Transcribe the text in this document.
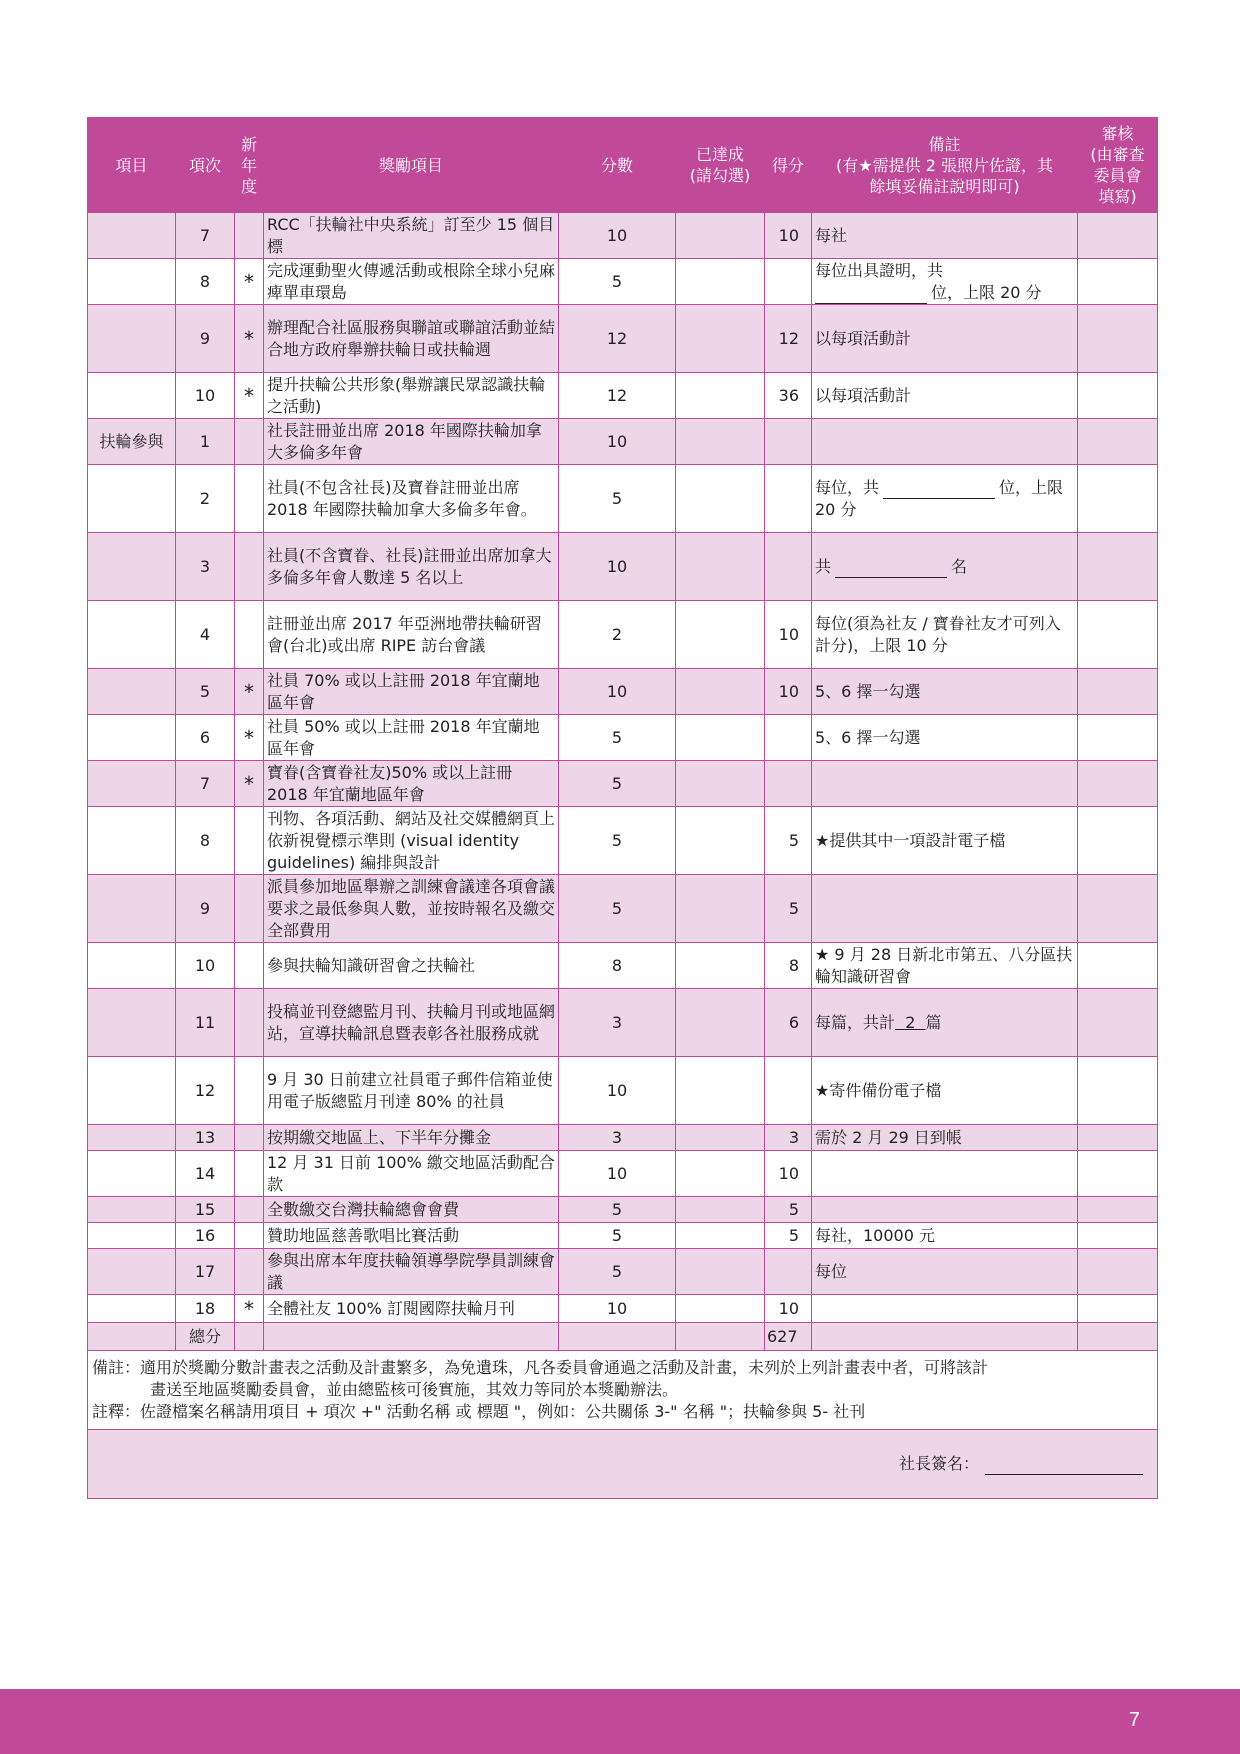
項目	項次	新
年
度	獎勵項目	分數	已達成
(請勾選)	得分	備註
(有★需提供 2 張照片佐證，其
餘填妥備註說明即可)	審核
(由審查
委員會
填寫)
	7		RCC「扶輪社中央系統」訂至少 15 個目標	10		10	每社	
	8	*	完成運動聖火傳遞活動或根除全球小兒麻痺單車環島	5			每位出具證明，共
位，上限 20 分	
	9	*	辦理配合社區服務與聯誼或聯誼活動並結合地方政府舉辦扶輪日或扶輪週	12		12	以每項活動計	
	10	*	提升扶輪公共形象(舉辦讓民眾認識扶輪之活動)	12		36	以每項活動計	
扶輪參與	1		社長註冊並出席 2018 年國際扶輪加拿大多倫多年會	10				
	2		社員(不包含社長)及寶眷註冊並出席 2018 年國際扶輪加拿大多倫多年會。	5			每位，共 位，上限 20 分	
	3		社員(不含寶眷、社長)註冊並出席加拿大多倫多年會人數達 5 名以上	10			共 名	
	4		註冊並出席 2017 年亞洲地帶扶輪研習會(台北)或出席 RIPE 訪台會議	2		10	每位(須為社友 / 寶眷社友才可列入計分)，上限 10 分	
	5	*	社員 70% 或以上註冊 2018 年宜蘭地區年會	10		10	5、6 擇一勾選	
	6	*	社員 50% 或以上註冊 2018 年宜蘭地區年會	5			5、6 擇一勾選	
	7	*	寶眷(含寶眷社友)50% 或以上註冊 2018 年宜蘭地區年會	5				
	8		刊物、各項活動、網站及社交媒體網頁上依新視覺標示準則 (visual identity guidelines) 編排與設計	5		5	★提供其中一項設計電子檔	
	9		派員參加地區舉辦之訓練會議達各項會議要求之最低參與人數，並按時報名及繳交全部費用	5		5		
	10		參與扶輪知識研習會之扶輪社	8		8	★ 9 月 28 日新北市第五、八分區扶輪知識研習會	
	11		投稿並刊登總監月刊、扶輪月刊或地區網站，宣導扶輪訊息暨表彰各社服務成就	3		6	每篇，共計  2  篇	
	12		9 月 30 日前建立社員電子郵件信箱並使用電子版總監月刊達 80% 的社員	10			★寄件備份電子檔	
	13		按期繳交地區上、下半年分攤金	3		3	需於 2 月 29 日到帳	
	14		12 月 31 日前 100% 繳交地區活動配合款	10		10		
	15		全數繳交台灣扶輪總會會費	5		5		
	16		贊助地區慈善歌唱比賽活動	5		5	每社，10000 元	
	17		參與出席本年度扶輪領導學院學員訓練會議	5			每位	
	18	*	全體社友 100% 訂閱國際扶輪月刊	10		10		
	總分					627		

備註：適用於獎勵分數計畫表之活動及計畫繁多，為免遺珠，凡各委員會通過之活動及計畫，未列於上列計畫表中者，可將該計
畫送至地區獎勵委員會，並由總監核可後實施，其效力等同於本獎勵辦法。
註釋：佐證檔案名稱請用項目 + 項次 +" 活動名稱 或 標題 "，例如：公共關係 3-" 名稱 "；扶輪參與 5- 社刊								

社長簽名：								
7
